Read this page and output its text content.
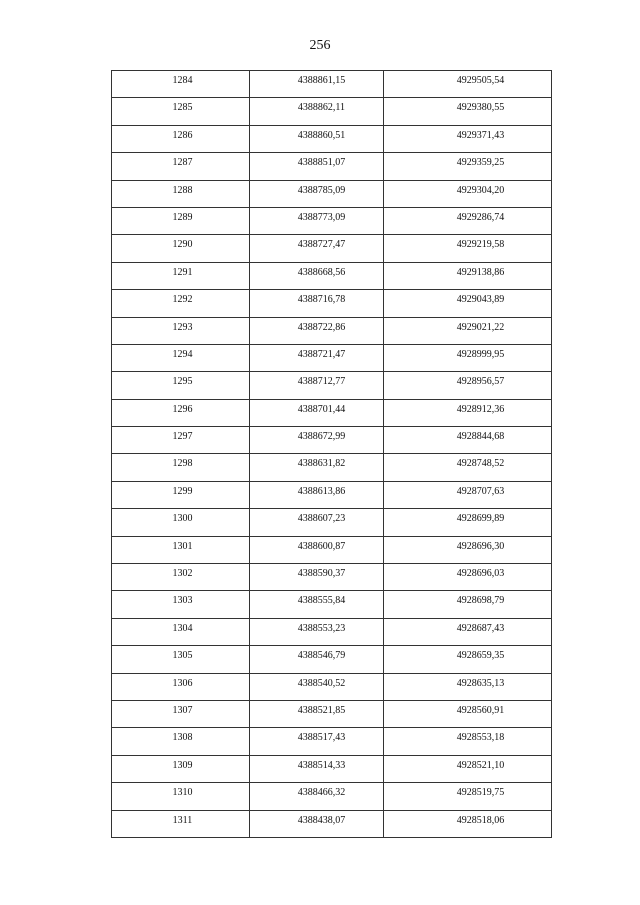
256
1284	4388861,15	4929505,54

1285	4388862,11	4929380,55

1286	4388860,51	4929371,43

1287	4388851,07	4929359,25

1288	4388785,09	4929304,20

1289	4388773,09	4929286,74

1290	4388727,47	4929219,58

1291	4388668,56	4929138,86

1292	4388716,78	4929043,89

1293	4388722,86	4929021,22

1294	4388721,47	4928999,95

1295	4388712,77	4928956,57

1296	4388701,44	4928912,36

1297	4388672,99	4928844,68

1298	4388631,82	4928748,52

1299	4388613,86	4928707,63

1300	4388607,23	4928699,89

1301	4388600,87	4928696,30

1302	4388590,37	4928696,03

1303	4388555,84	4928698,79

1304	4388553,23	4928687,43

1305	4388546,79	4928659,35

1306	4388540,52	4928635,13

1307	4388521,85	4928560,91

1308	4388517,43	4928553,18

1309	4388514,33	4928521,10

1310	4388466,32	4928519,75

1311	4388438,07	4928518,06
